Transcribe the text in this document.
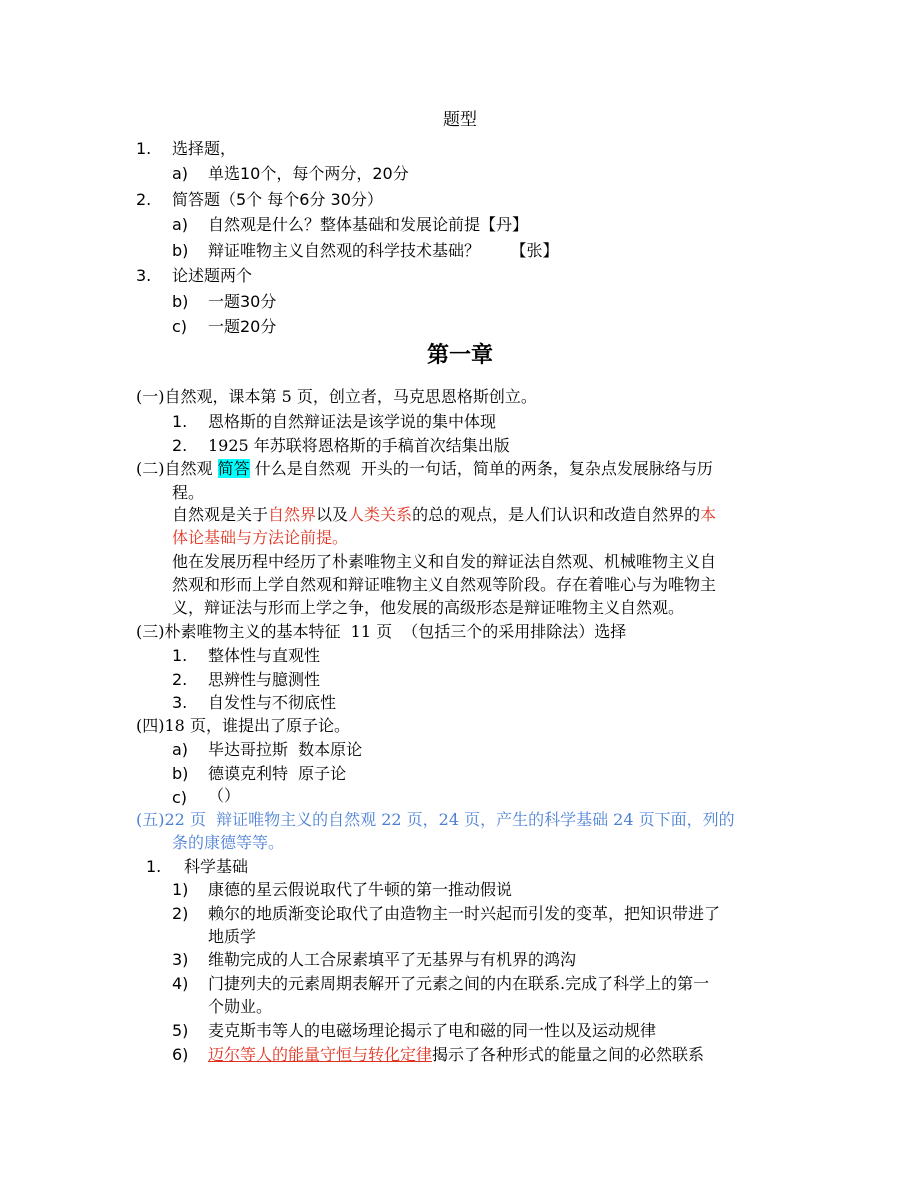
题型
1. 选择题，
a) 单选10个，每个两分，20分
2. 简答题（5个 每个6分 30分）
a) 自然观是什么？整体基础和发展论前提【丹】
b) 辩证唯物主义自然观的科学技术基础？      【张】
3. 论述题两个
b) 一题30分
c) 一题20分
第一章
(一)自然观，课本第 5 页，创立者，马克思恩格斯创立。
1. 恩格斯的自然辩证法是该学说的集中体现
2. 1925 年苏联将恩格斯的手稿首次结集出版
(二)自然观 简答 什么是自然观  开头的一句话，简单的两条，复杂点发展脉络与历
程。
自然观是关于自然界以及人类关系的总的观点，是人们认识和改造自然界的本
体论基础与方法论前提。
他在发展历程中经历了朴素唯物主义和自发的辩证法自然观、机械唯物主义自
然观和形而上学自然观和辩证唯物主义自然观等阶段。存在着唯心与为唯物主
义，辩证法与形而上学之争，他发展的高级形态是辩证唯物主义自然观。
(三)朴素唯物主义的基本特征  11 页  （包括三个的采用排除法）选择
1. 整体性与直观性
2. 思辨性与臆测性
3. 自发性与不彻底性
(四)18 页，谁提出了原子论。
a) 毕达哥拉斯  数本原论
b) 德谟克利特  原子论
c) （）
(五)22 页  辩证唯物主义的自然观 22 页，24 页，产生的科学基础 24 页下面，列的
条的康德等等。
1. 科学基础
1) 康德的星云假说取代了牛顿的第一推动假说
2) 赖尔的地质渐变论取代了由造物主一时兴起而引发的变革，把知识带进了
地质学
3) 维勒完成的人工合尿素填平了无基界与有机界的鸿沟
4) 门捷列夫的元素周期表解开了元素之间的内在联系.完成了科学上的第一
个勋业。
5) 麦克斯韦等人的电磁场理论揭示了电和磁的同一性以及运动规律
6) 迈尔等人的能量守恒与转化定律揭示了各种形式的能量之间的必然联系
